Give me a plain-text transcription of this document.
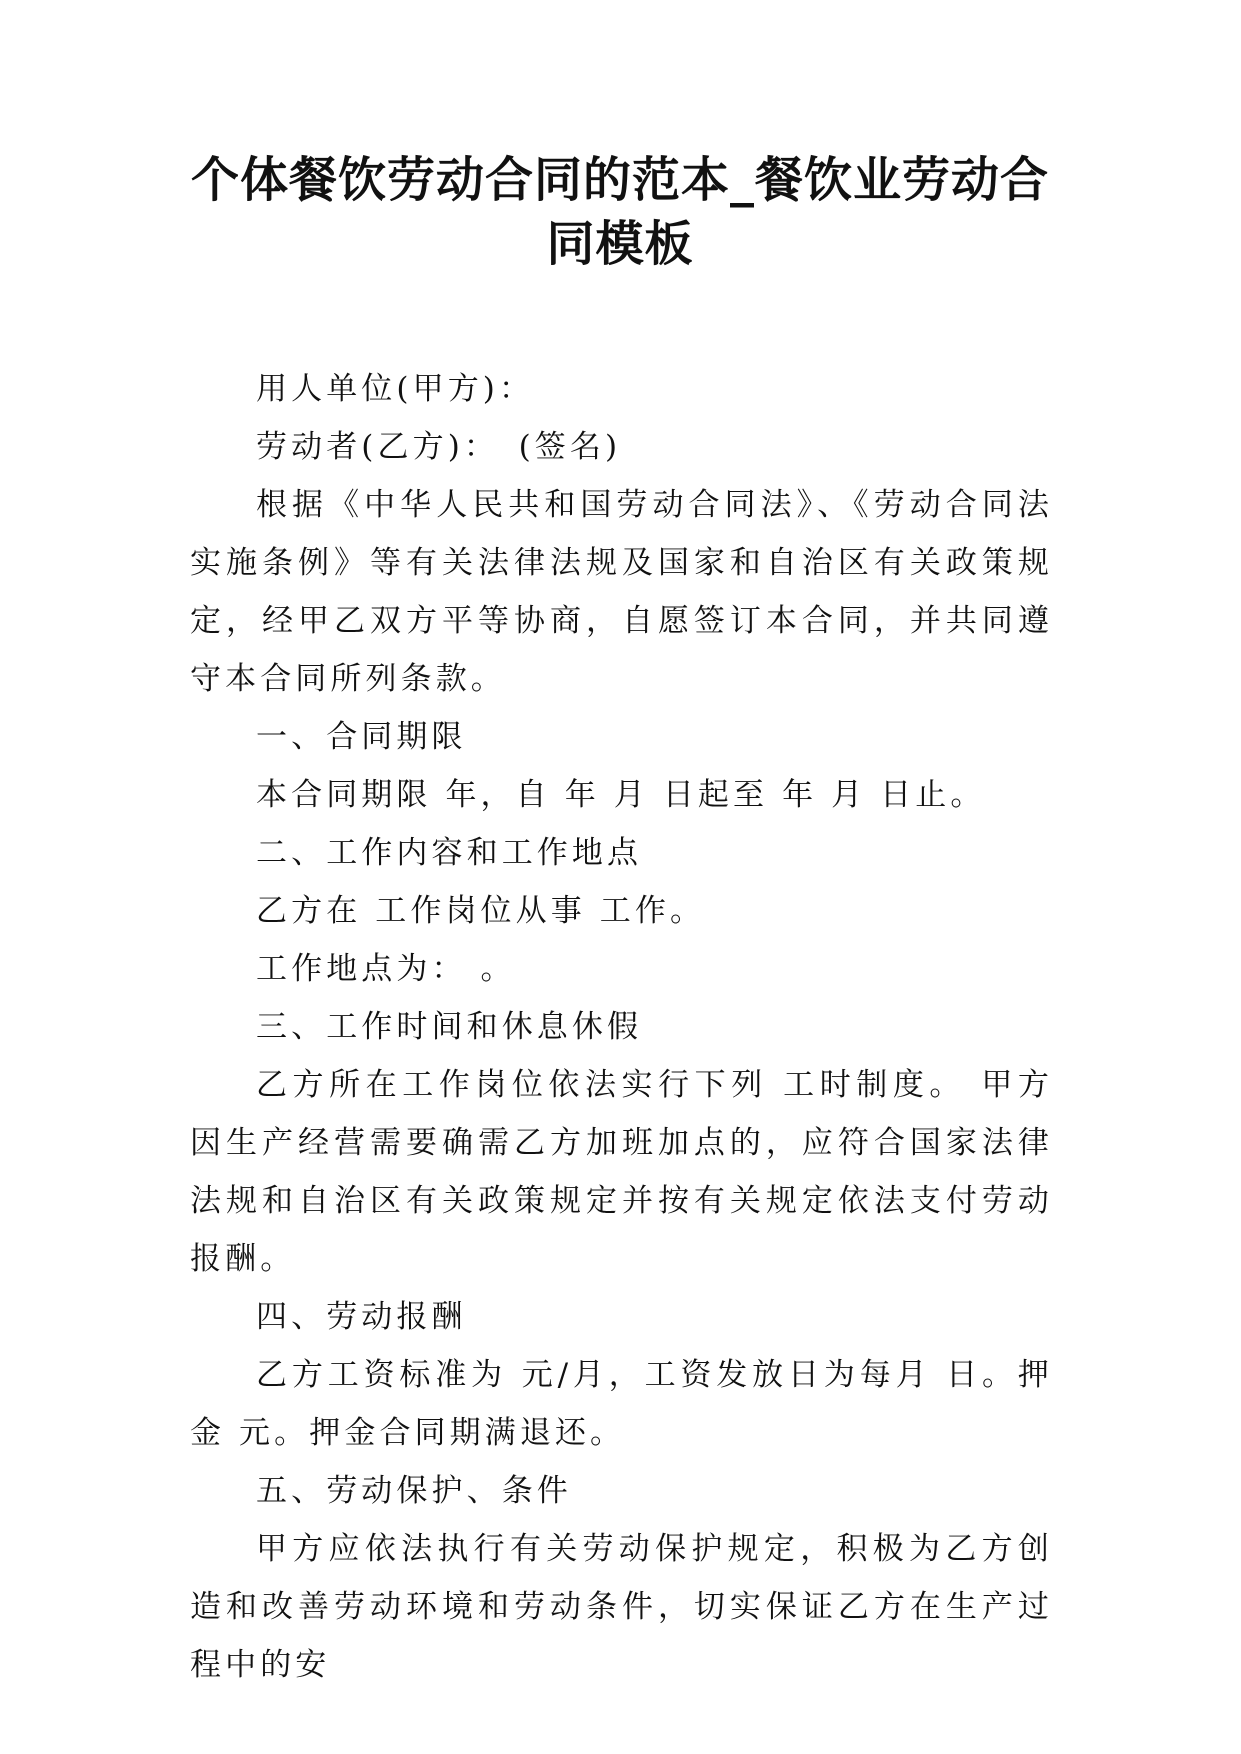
个体餐饮劳动合同的范本_餐饮业劳动合同模板

用人单位(甲方)：

劳动者(乙方)：　(签名)

根据《中华人民共和国劳动合同法》、《劳动合同法实施条例》等有关法律法规及国家和自治区有关政策规定，经甲乙双方平等协商，自愿签订本合同，并共同遵守本合同所列条款。

一、合同期限

本合同期限 年，自 年 月 日起至 年 月 日止。

二、工作内容和工作地点

乙方在 工作岗位从事 工作。

工作地点为： 。

三、工作时间和休息休假

乙方所在工作岗位依法实行下列 工时制度。 甲方因生产经营需要确需乙方加班加点的，应符合国家法律法规和自治区有关政策规定并按有关规定依法支付劳动报酬。

四、劳动报酬

乙方工资标准为 元/月，工资发放日为每月 日。押金 元。押金合同期满退还。

五、劳动保护、条件

甲方应依法执行有关劳动保护规定，积极为乙方创造和改善劳动环境和劳动条件，切实保证乙方在生产过程中的安
